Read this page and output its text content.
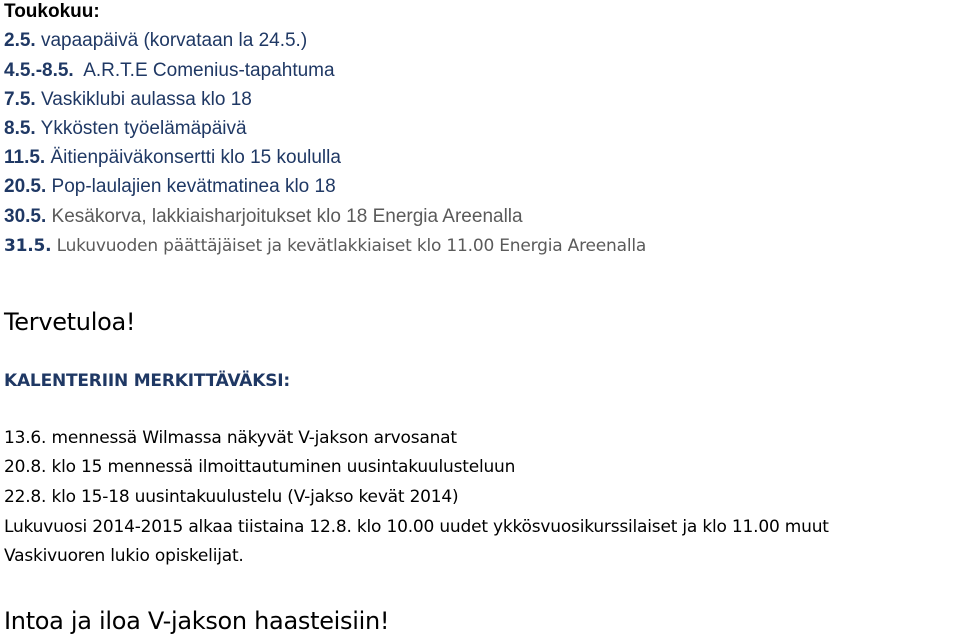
Toukokuu:
2.5. vapaapäivä (korvataan la 24.5.)
4.5.-8.5. A.R.T.E Comenius-tapahtuma
7.5. Vaskiklubi aulassa klo 18
8.5. Ykkösten työelämäpäivä
11.5. Äitienpäiväkonsertti klo 15 koululla
20.5. Pop-laulajien kevätmatinea klo 18
30.5. Kesäkorva, lakkiaisharjoitukset klo 18 Energia Areenalla
31.5. Lukuvuoden päättäjäiset ja kevätlakkiaiset klo 11.00 Energia Areenalla
Tervetuloa!
KALENTERIIN MERKITTÄVÄKSI:
13.6. mennessä Wilmassa näkyvät V-jakson arvosanat
20.8. klo 15 mennessä ilmoittautuminen uusintakuulusteluun
22.8. klo 15-18 uusintakuulustelu (V-jakso kevät 2014)
Lukuvuosi 2014-2015 alkaa tiistaina 12.8. klo 10.00 uudet ykkösvuosikurssilaiset ja klo 11.00 muut
Vaskivuoren lukio opiskelijat.
Intoa ja iloa V-jakson haasteisiin!
